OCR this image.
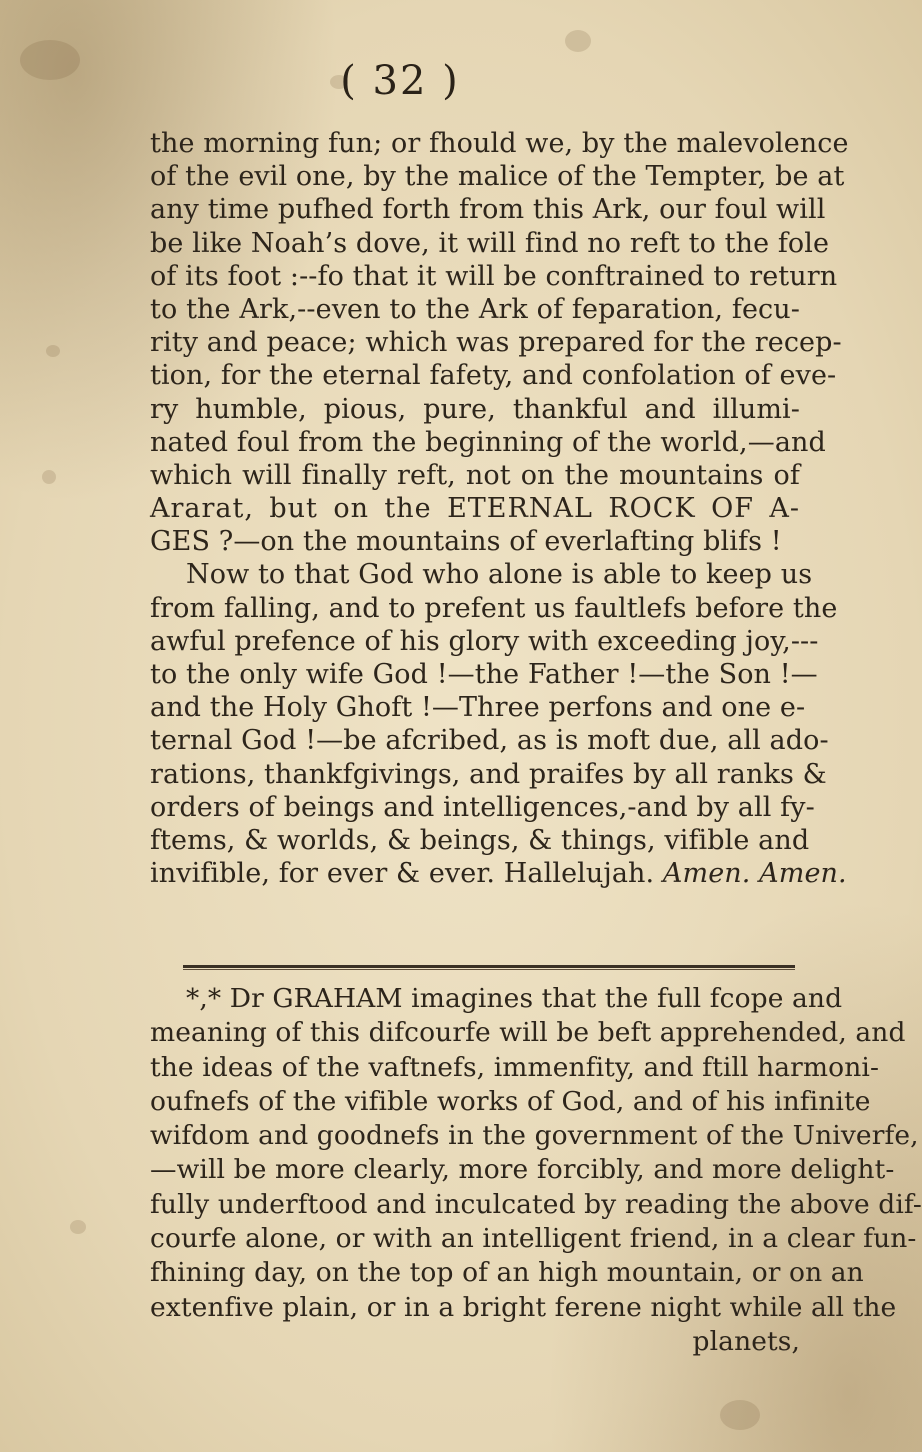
( 32 )
the morning fun; or fhould we, by the malevolence
of the evil one, by the malice of the Tempter, be at
any time pufhed forth from this Ark, our foul will
be like Noah’s dove, it will find no reft to the fole
of its foot :--fo that it will be conftrained to return
to the Ark,--even to the Ark of feparation, fecu-
rity and peace; which was prepared for the recep-
tion, for the eternal fafety, and confolation of eve-
ry humble, pious, pure, thankful and illumi-
nated foul from the beginning of the world,—and
which will finally reft, not on the mountains of
Ararat, but on the ETERNAL ROCK OF A-
GES ?—on the mountains of everlafting blifs !
Now to that God who alone is able to keep us
from falling, and to prefent us faultlefs before the
awful prefence of his glory with exceeding joy,---
to the only wife God !—the Father !—the Son !—
and the Holy Ghoft !—Three perfons and one e-
ternal God !—be afcribed, as is moft due, all ado-
rations, thankfgivings, and praifes by all ranks &
orders of beings and intelligences,-and by all fy-
ftems, & worlds, & beings, & things, vifible and
invifible, for ever & ever. Hallelujah. Amen. Amen.
*,* Dr GRAHAM imagines that the full fcope and
meaning of this difcourfe will be beft apprehended, and
the ideas of the vaftnefs, immenfity, and ftill harmoni-
oufnefs of the vifible works of God, and of his infinite
wifdom and goodnefs in the government of the Univerfe,
—will be more clearly, more forcibly, and more delight-
fully underftood and inculcated by reading the above dif-
courfe alone, or with an intelligent friend, in a clear fun-
fhining day, on the top of an high mountain, or on an
extenfive plain, or in a bright ferene night while all the
planets,
